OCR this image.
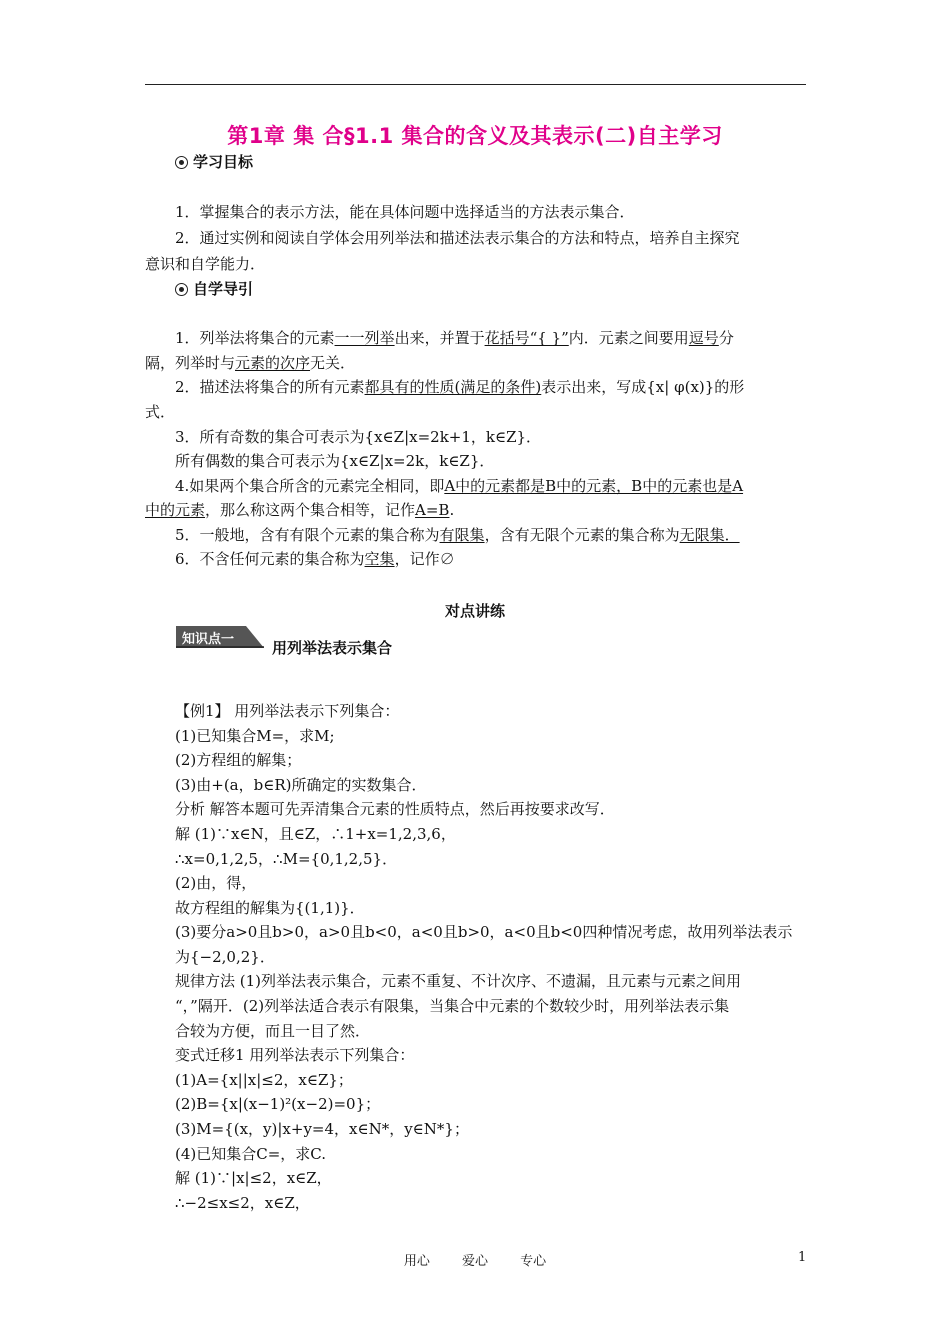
第1章 集 合§1.1 集合的含义及其表示(二)自主学习
学习目标
1．掌握集合的表示方法，能在具体问题中选择适当的方法表示集合．
2．通过实例和阅读自学体会用列举法和描述法表示集合的方法和特点，培养自主探究
意识和自学能力．
自学导引
1．列举法将集合的元素一一列举出来，并置于花括号“{ }”内．元素之间要用逗号分
隔，列举时与元素的次序无关．
2．描述法将集合的所有元素都具有的性质(满足的条件)表示出来，写成{x| φ(x)}的形
式．
3．所有奇数的集合可表示为{x∈Z|x=2k+1，k∈Z}．
所有偶数的集合可表示为{x∈Z|x=2k，k∈Z}．
4.如果两个集合所含的元素完全相同，即A中的元素都是B中的元素，B中的元素也是A
中的元素，那么称这两个集合相等，记作A=B.
5．一般地，含有有限个元素的集合称为有限集，含有无限个元素的集合称为无限集．
6．不含任何元素的集合称为空集，记作∅
对点讲练
知识点一	用列举法表示集合
【例1】 用列举法表示下列集合：
(1)已知集合M=，求M;
(2)方程组的解集；
(3)由+(a，b∈R)所确定的实数集合．
分析 解答本题可先弄清集合元素的性质特点，然后再按要求改写．
解 (1)∵x∈N，且∈Z，∴1+x=1,2,3,6，
∴x=0,1,2,5，∴M={0,1,2,5}．
(2)由，得，
故方程组的解集为{(1,1)}．
(3)要分a>0且b>0，a>0且b<0，a<0且b>0，a<0且b<0四种情况考虑，故用列举法表示
为{−2,0,2}．
规律方法 (1)列举法表示集合，元素不重复、不计次序、不遗漏，且元素与元素之间用
“，”隔开．(2)列举法适合表示有限集，当集合中元素的个数较少时，用列举法表示集
合较为方便，而且一目了然．
变式迁移1 用列举法表示下列集合：
(1)A={x||x|≤2，x∈Z}；
(2)B={x|(x−1)²(x−2)=0}；
(3)M={(x，y)|x+y=4，x∈N*，y∈N*}；
(4)已知集合C=，求C.
解 (1)∵|x|≤2，x∈Z，
∴−2≤x≤2，x∈Z，
用心 爱心 专心	1
